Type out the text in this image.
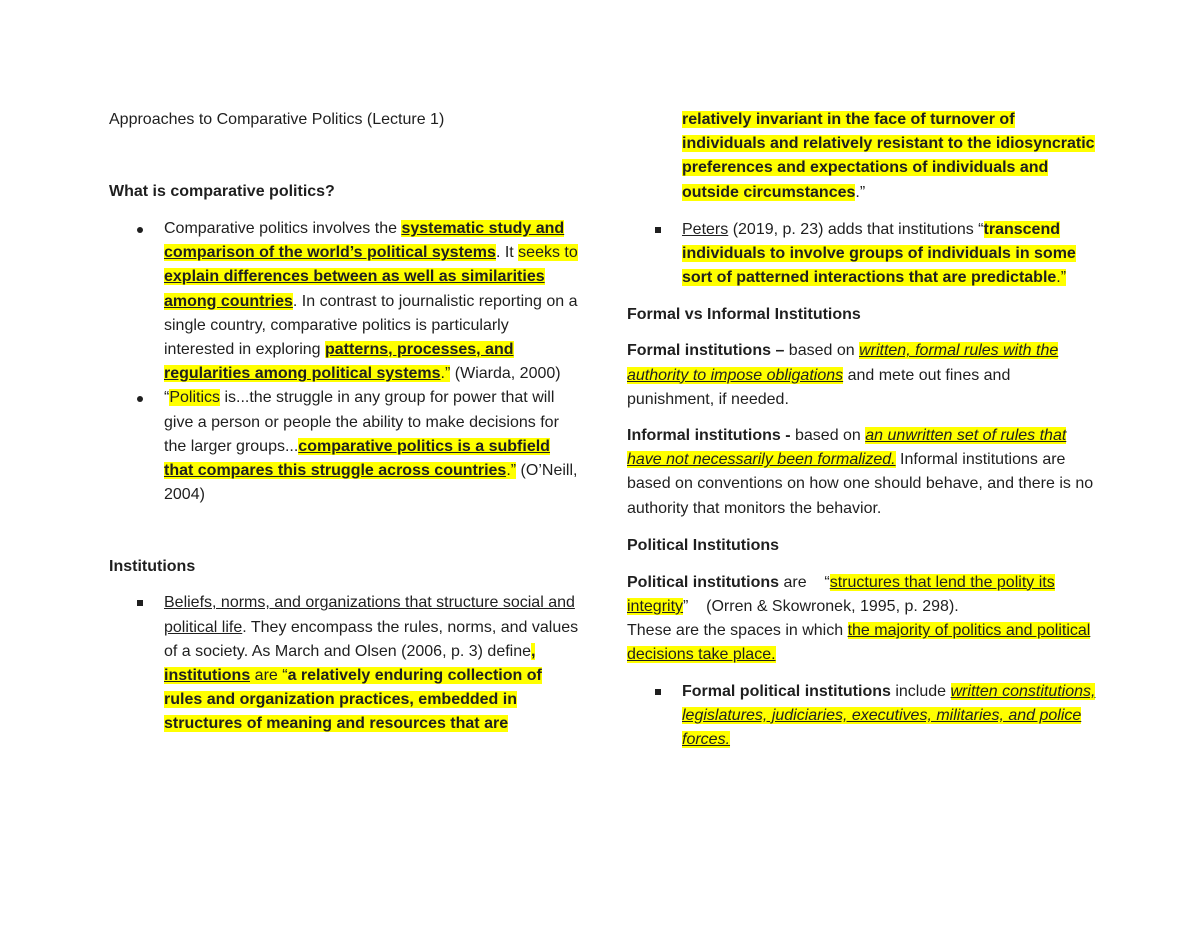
Approaches to Comparative Politics (Lecture 1)

What is comparative politics?

Comparative politics involves the systematic study and comparison of the world’s political systems. It seeks to explain differences between as well as similarities among countries. In contrast to journalistic reporting on a single country, comparative politics is particularly interested in exploring patterns, processes, and regularities among political systems.” (Wiarda, 2000)
“Politics is...the struggle in any group for power that will give a person or people the ability to make decisions for the larger groups...comparative politics is a subfield that compares this struggle across countries.” (O’Neill, 2004)

Institutions

Beliefs, norms, and organizations that structure social and political life. They encompass the rules, norms, and values of a society. As March and Olsen (2006, p. 3) define, institutions are “a relatively enduring collection of rules and organization practices, embedded in structures of meaning and resources that are
relatively invariant in the face of turnover of individuals and relatively resistant to the idiosyncratic preferences and expectations of individuals and outside circumstances.”
Peters (2019, p. 23) adds that institutions “transcend individuals to involve groups of individuals in some sort of patterned interactions that are predictable.”

Formal vs Informal Institutions

Formal institutions – based on written, formal rules with the authority to impose obligations and mete out fines and punishment, if needed.

Informal institutions - based on an unwritten set of rules that have not necessarily been formalized. Informal institutions are based on conventions on how one should behave, and there is no authority that monitors the behavior.

Political Institutions

Political institutions are    “structures that lend the polity its integrity”    (Orren & Skowronek, 1995, p. 298).
These are the spaces in which the majority of politics and political decisions take place.

Formal political institutions include written constitutions, legislatures, judiciaries, executives, militaries, and police forces.
